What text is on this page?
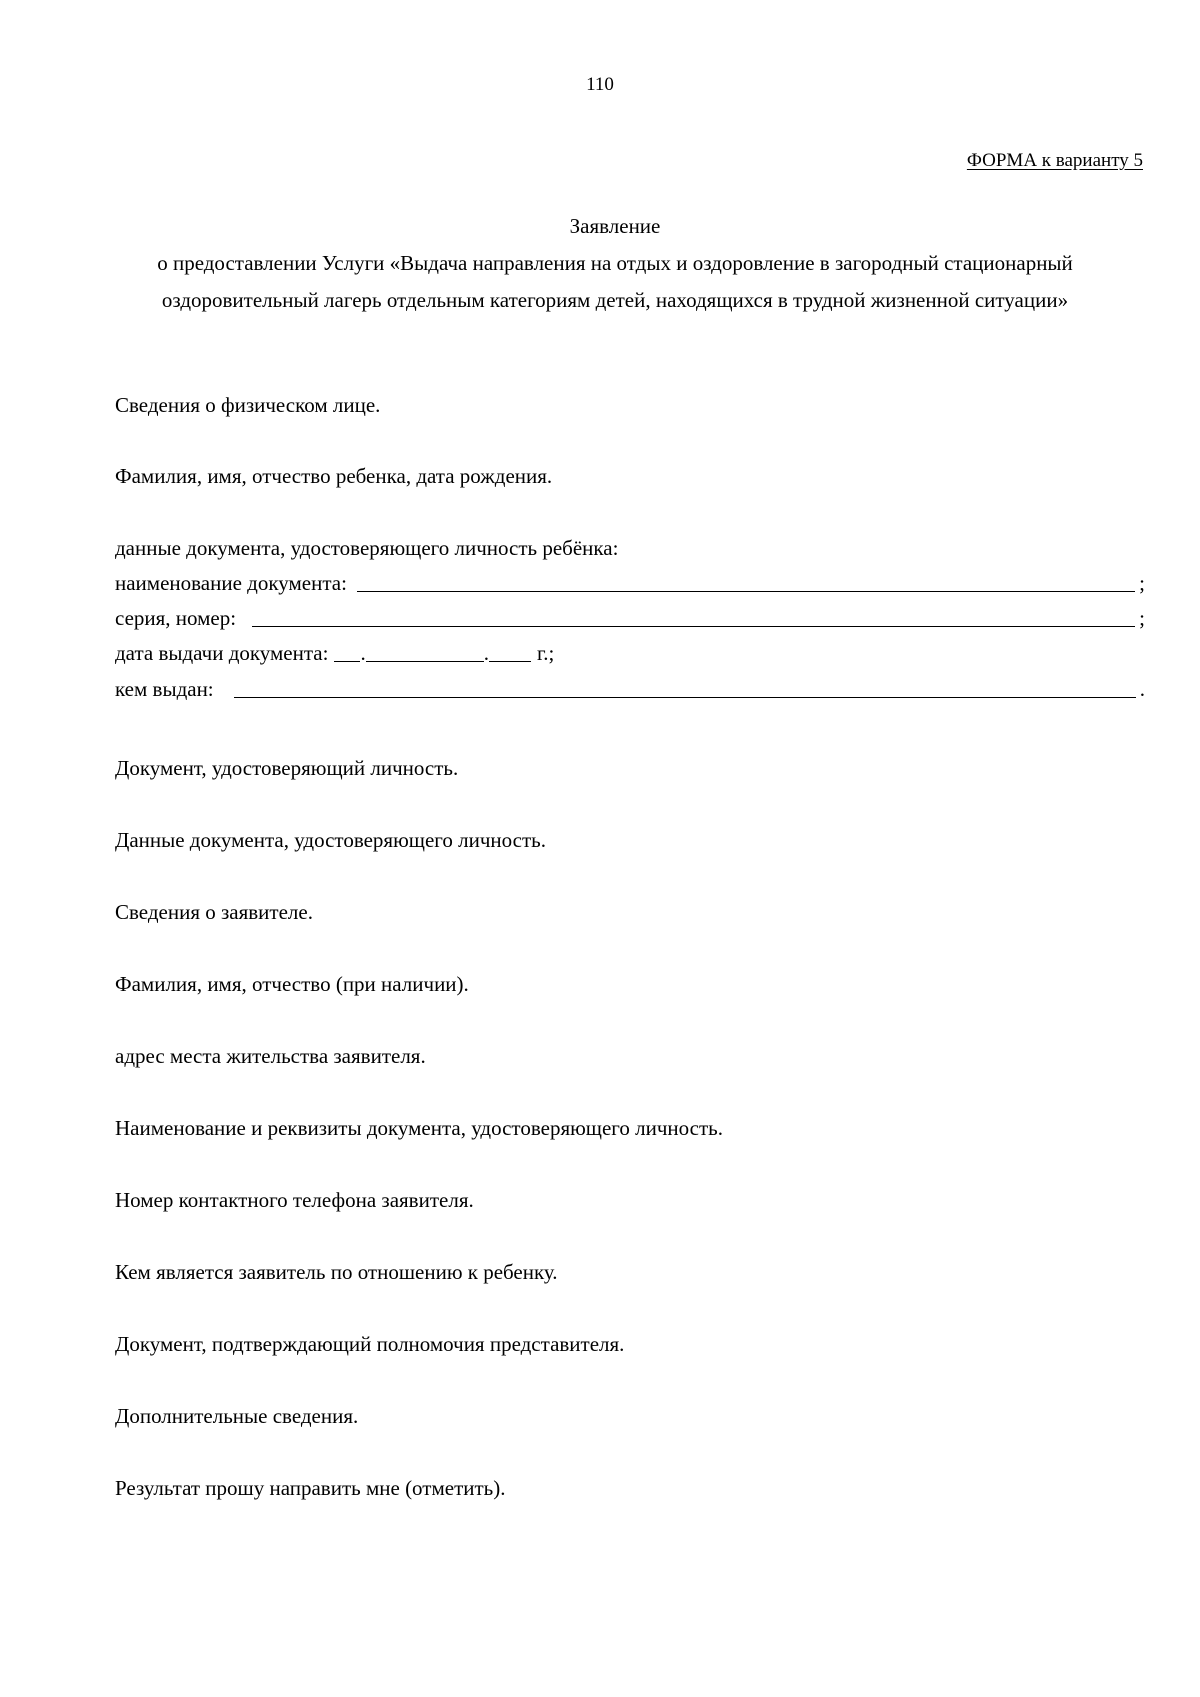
110
ФОРМА к варианту 5
Заявление
о предоставлении Услуги «Выдача направления на отдых и оздоровление в загородный стационарный оздоровительный лагерь отдельным категориям детей, находящихся в трудной жизненной ситуации»
Сведения о физическом лице.
Фамилия, имя, отчество ребенка, дата рождения.
данные документа, удостоверяющего личность ребёнка:
наименование документа:	;
серия, номер:	;
дата выдачи документа: .	. г.;
кем выдан:	.
Документ, удостоверяющий личность.
Данные документа, удостоверяющего личность.
Сведения о заявителе.
Фамилия, имя, отчество (при наличии).
адрес места жительства заявителя.
Наименование и реквизиты документа, удостоверяющего личность.
Номер контактного телефона заявителя.
Кем является заявитель по отношению к ребенку.
Документ, подтверждающий полномочия представителя.
Дополнительные сведения.
Результат прошу направить мне (отметить).
